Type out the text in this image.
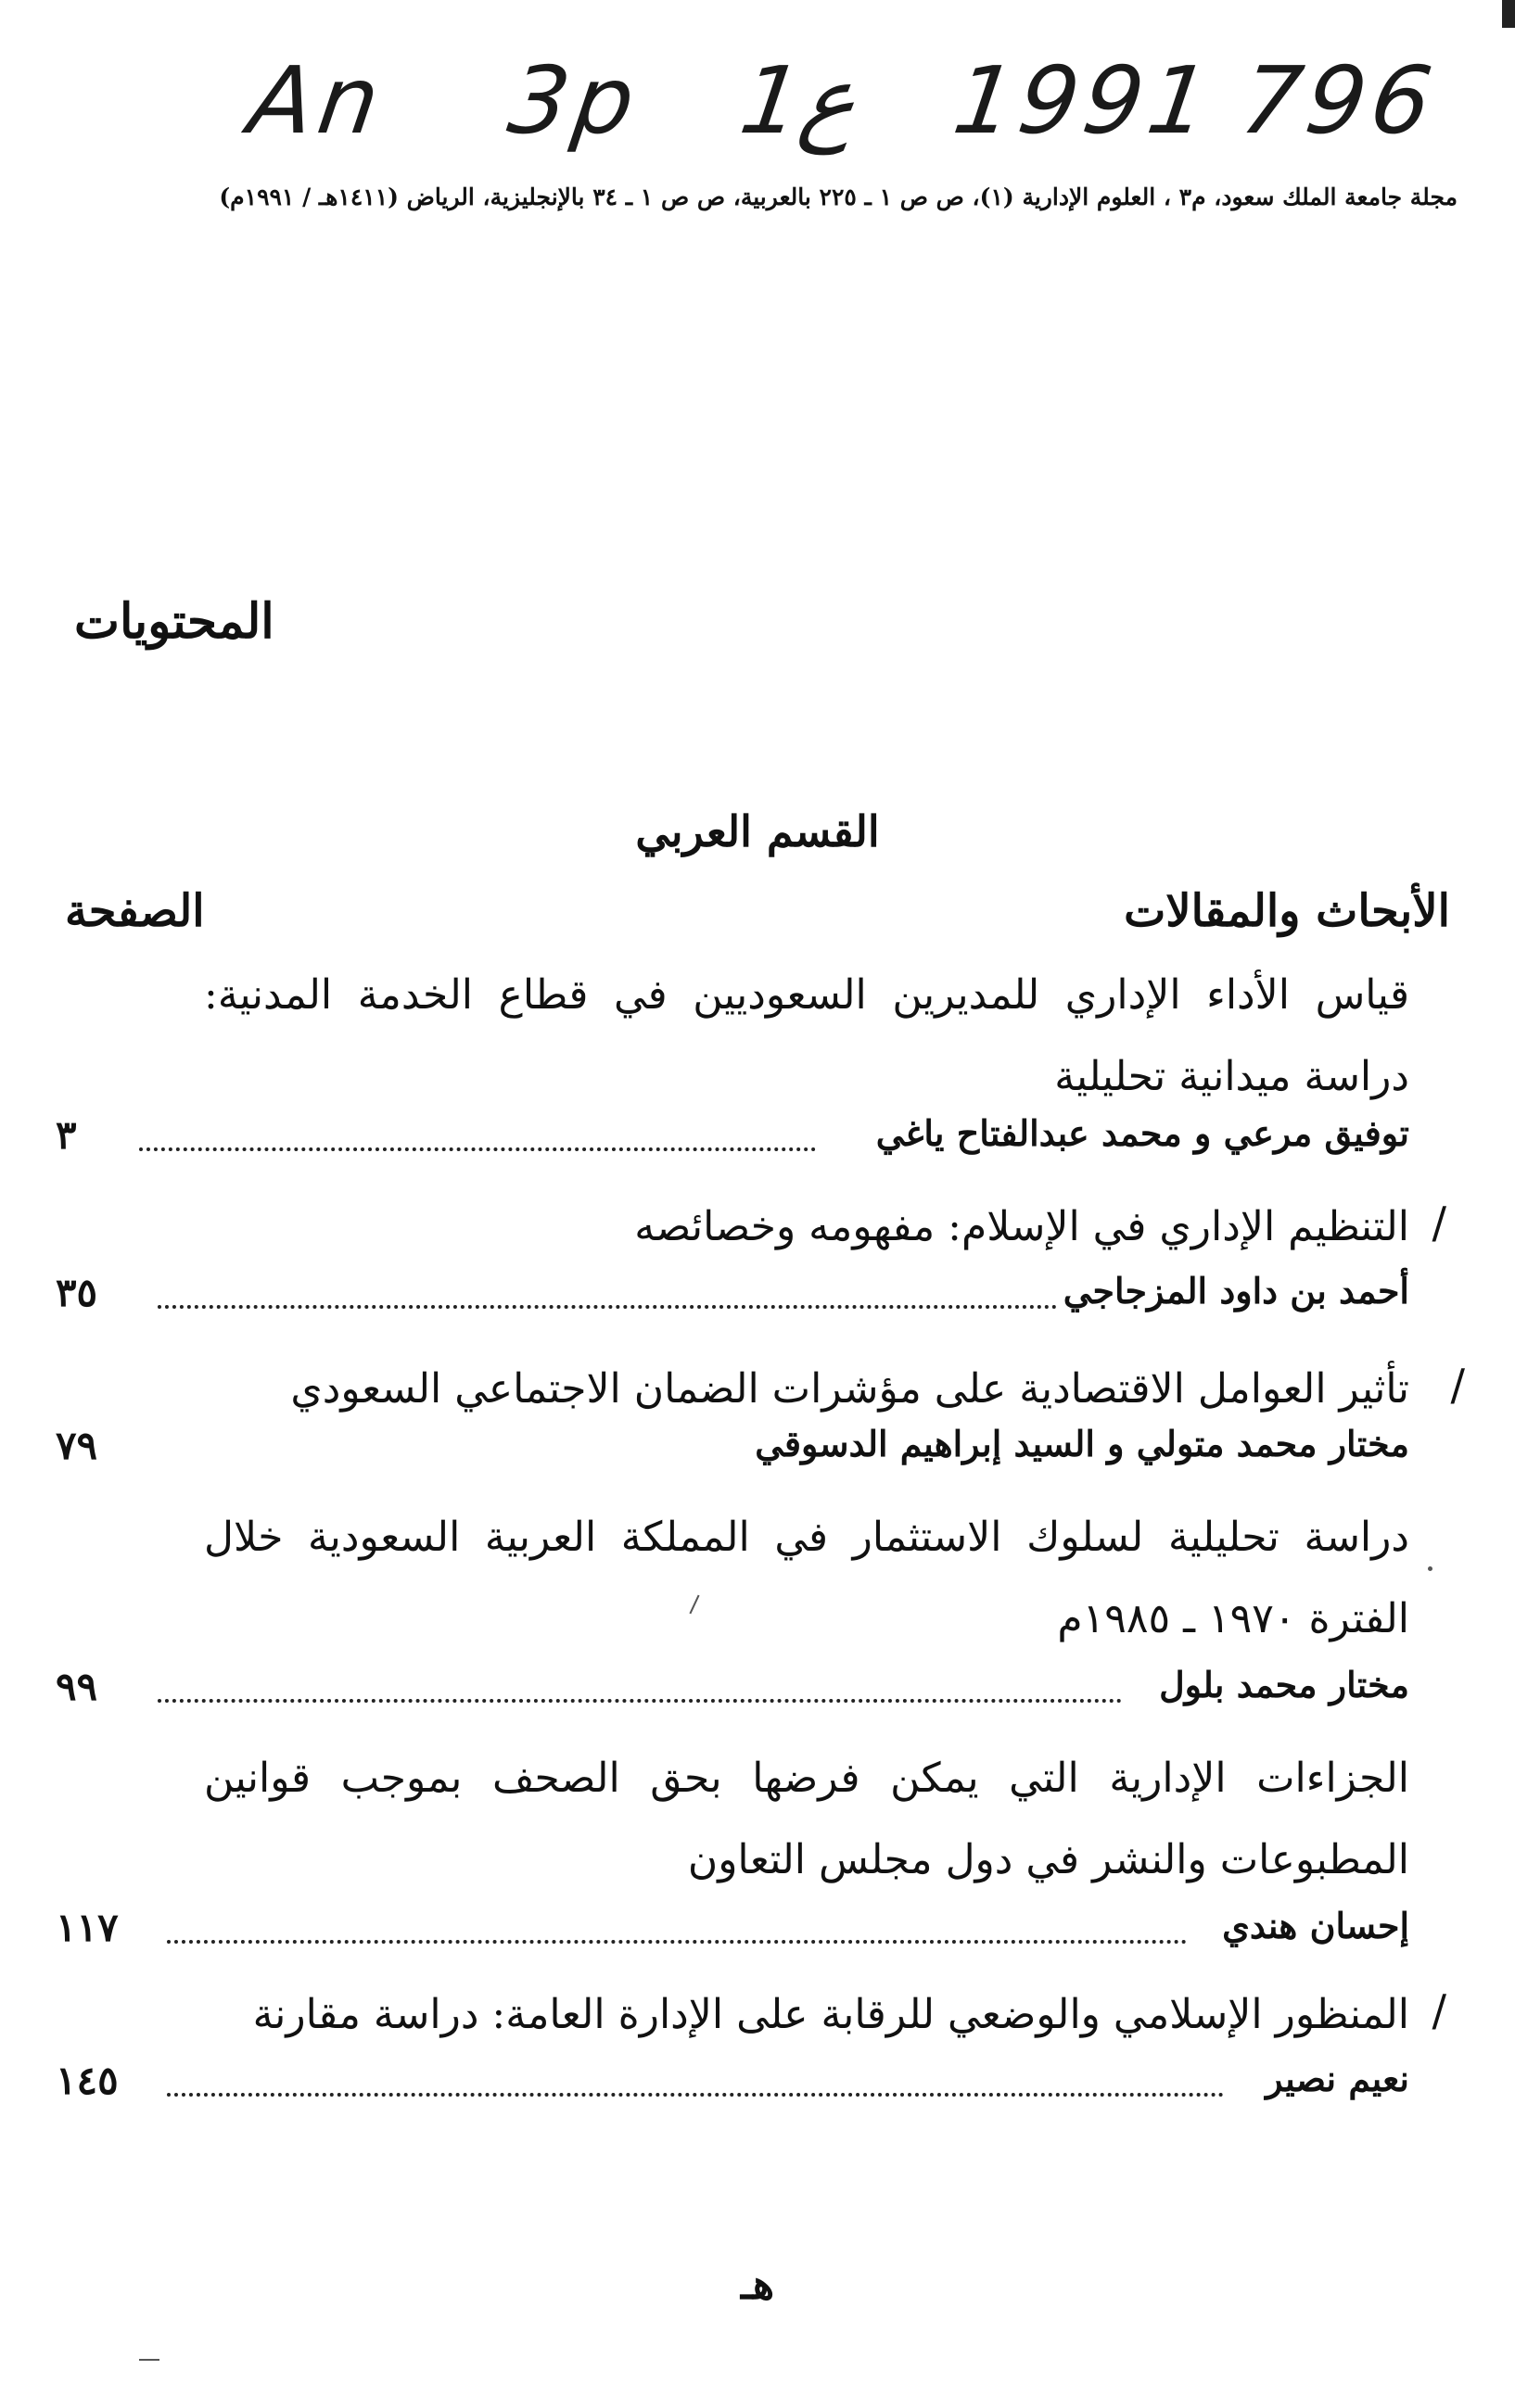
An 3p 1ع 1991 796
مجلة جامعة الملك سعود، م٣ ، العلوم الإدارية (١)، ص ص ١ ـ ٢٢٥ بالعربية، ص ص ١ ـ ٣٤ بالإنجليزية، الرياض (١٤١١هـ / ١٩٩١م)
المحتويات
القسم العربي
الأبحاث والمقالات
الصفحة
قياس الأداء الإداري للمديرين السعوديين في قطاع الخدمة المدنية: دراسة ميدانية تحليلية
توفيق مرعي و محمد عبدالفتاح ياغي
٣
/
التنظيم الإداري في الإسلام: مفهومه وخصائصه
أحمد بن داود المزجاجي
٣٥
/
تأثير العوامل الاقتصادية على مؤشرات الضمان الاجتماعي السعودي
مختار محمد متولي و السيد إبراهيم الدسوقي
٧٩
دراسة تحليلية لسلوك الاستثمار في المملكة العربية السعودية خلال الفترة ١٩٧٠ ـ ١٩٨٥م
مختار محمد بلول
٩٩
الجزاءات الإدارية التي يمكن فرضها بحق الصحف بموجب قوانين المطبوعات والنشر في دول مجلس التعاون
إحسان هندي
١١٧
/
المنظور الإسلامي والوضعي للرقابة على الإدارة العامة: دراسة مقارنة
نعيم نصير
١٤٥
هـ
